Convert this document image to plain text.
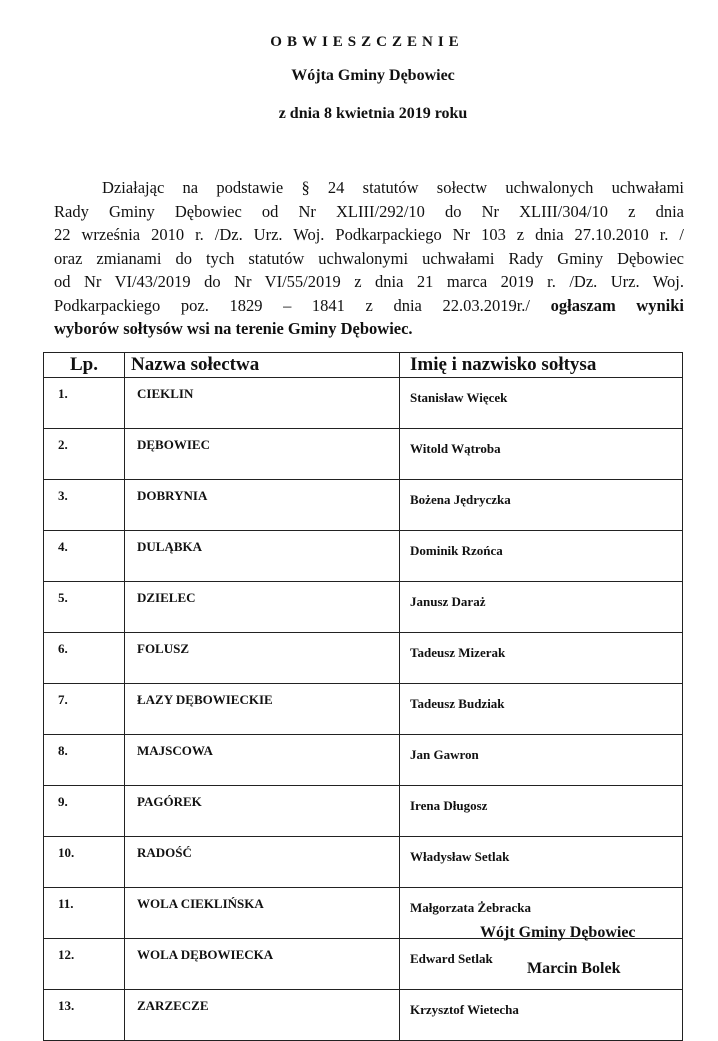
OBWIESZCZENIE
Wójta Gminy Dębowiec
z dnia 8 kwietnia 2019 roku
Działając na podstawie § 24 statutów sołectw uchwalonych uchwałami
Rady Gminy Dębowiec od Nr XLIII/292/10 do Nr XLIII/304/10 z dnia
22 września 2010 r. /Dz. Urz. Woj. Podkarpackiego Nr 103 z dnia 27.10.2010 r. /
oraz zmianami do tych statutów uchwalonymi uchwałami Rady Gminy Dębowiec
od Nr VI/43/2019 do Nr VI/55/2019 z dnia 21 marca 2019 r. /Dz. Urz. Woj.
Podkarpackiego poz. 1829 – 1841 z dnia 22.03.2019r./ ogłaszam wyniki
wyborów sołtysów wsi na terenie Gminy Dębowiec.
Lp.	Nazwa sołectwa	Imię i nazwisko sołtysa
1.	CIEKLIN	Stanisław Więcek
2.	DĘBOWIEC	Witold Wątroba
3.	DOBRYNIA	Bożena Jędryczka
4.	DULĄBKA	Dominik Rzońca
5.	DZIELEC	Janusz Daraż
6.	FOLUSZ	Tadeusz Mizerak
7.	ŁAZY DĘBOWIECKIE	Tadeusz Budziak
8.	MAJSCOWA	Jan Gawron
9.	PAGÓREK	Irena Długosz
10.	RADOŚĆ	Władysław Setlak
11.	WOLA CIEKLIŃSKA	Małgorzata Żebracka
12.	WOLA DĘBOWIECKA	Edward Setlak
13.	ZARZECZE	Krzysztof Wietecha
Wójt Gminy Dębowiec
Marcin Bolek
